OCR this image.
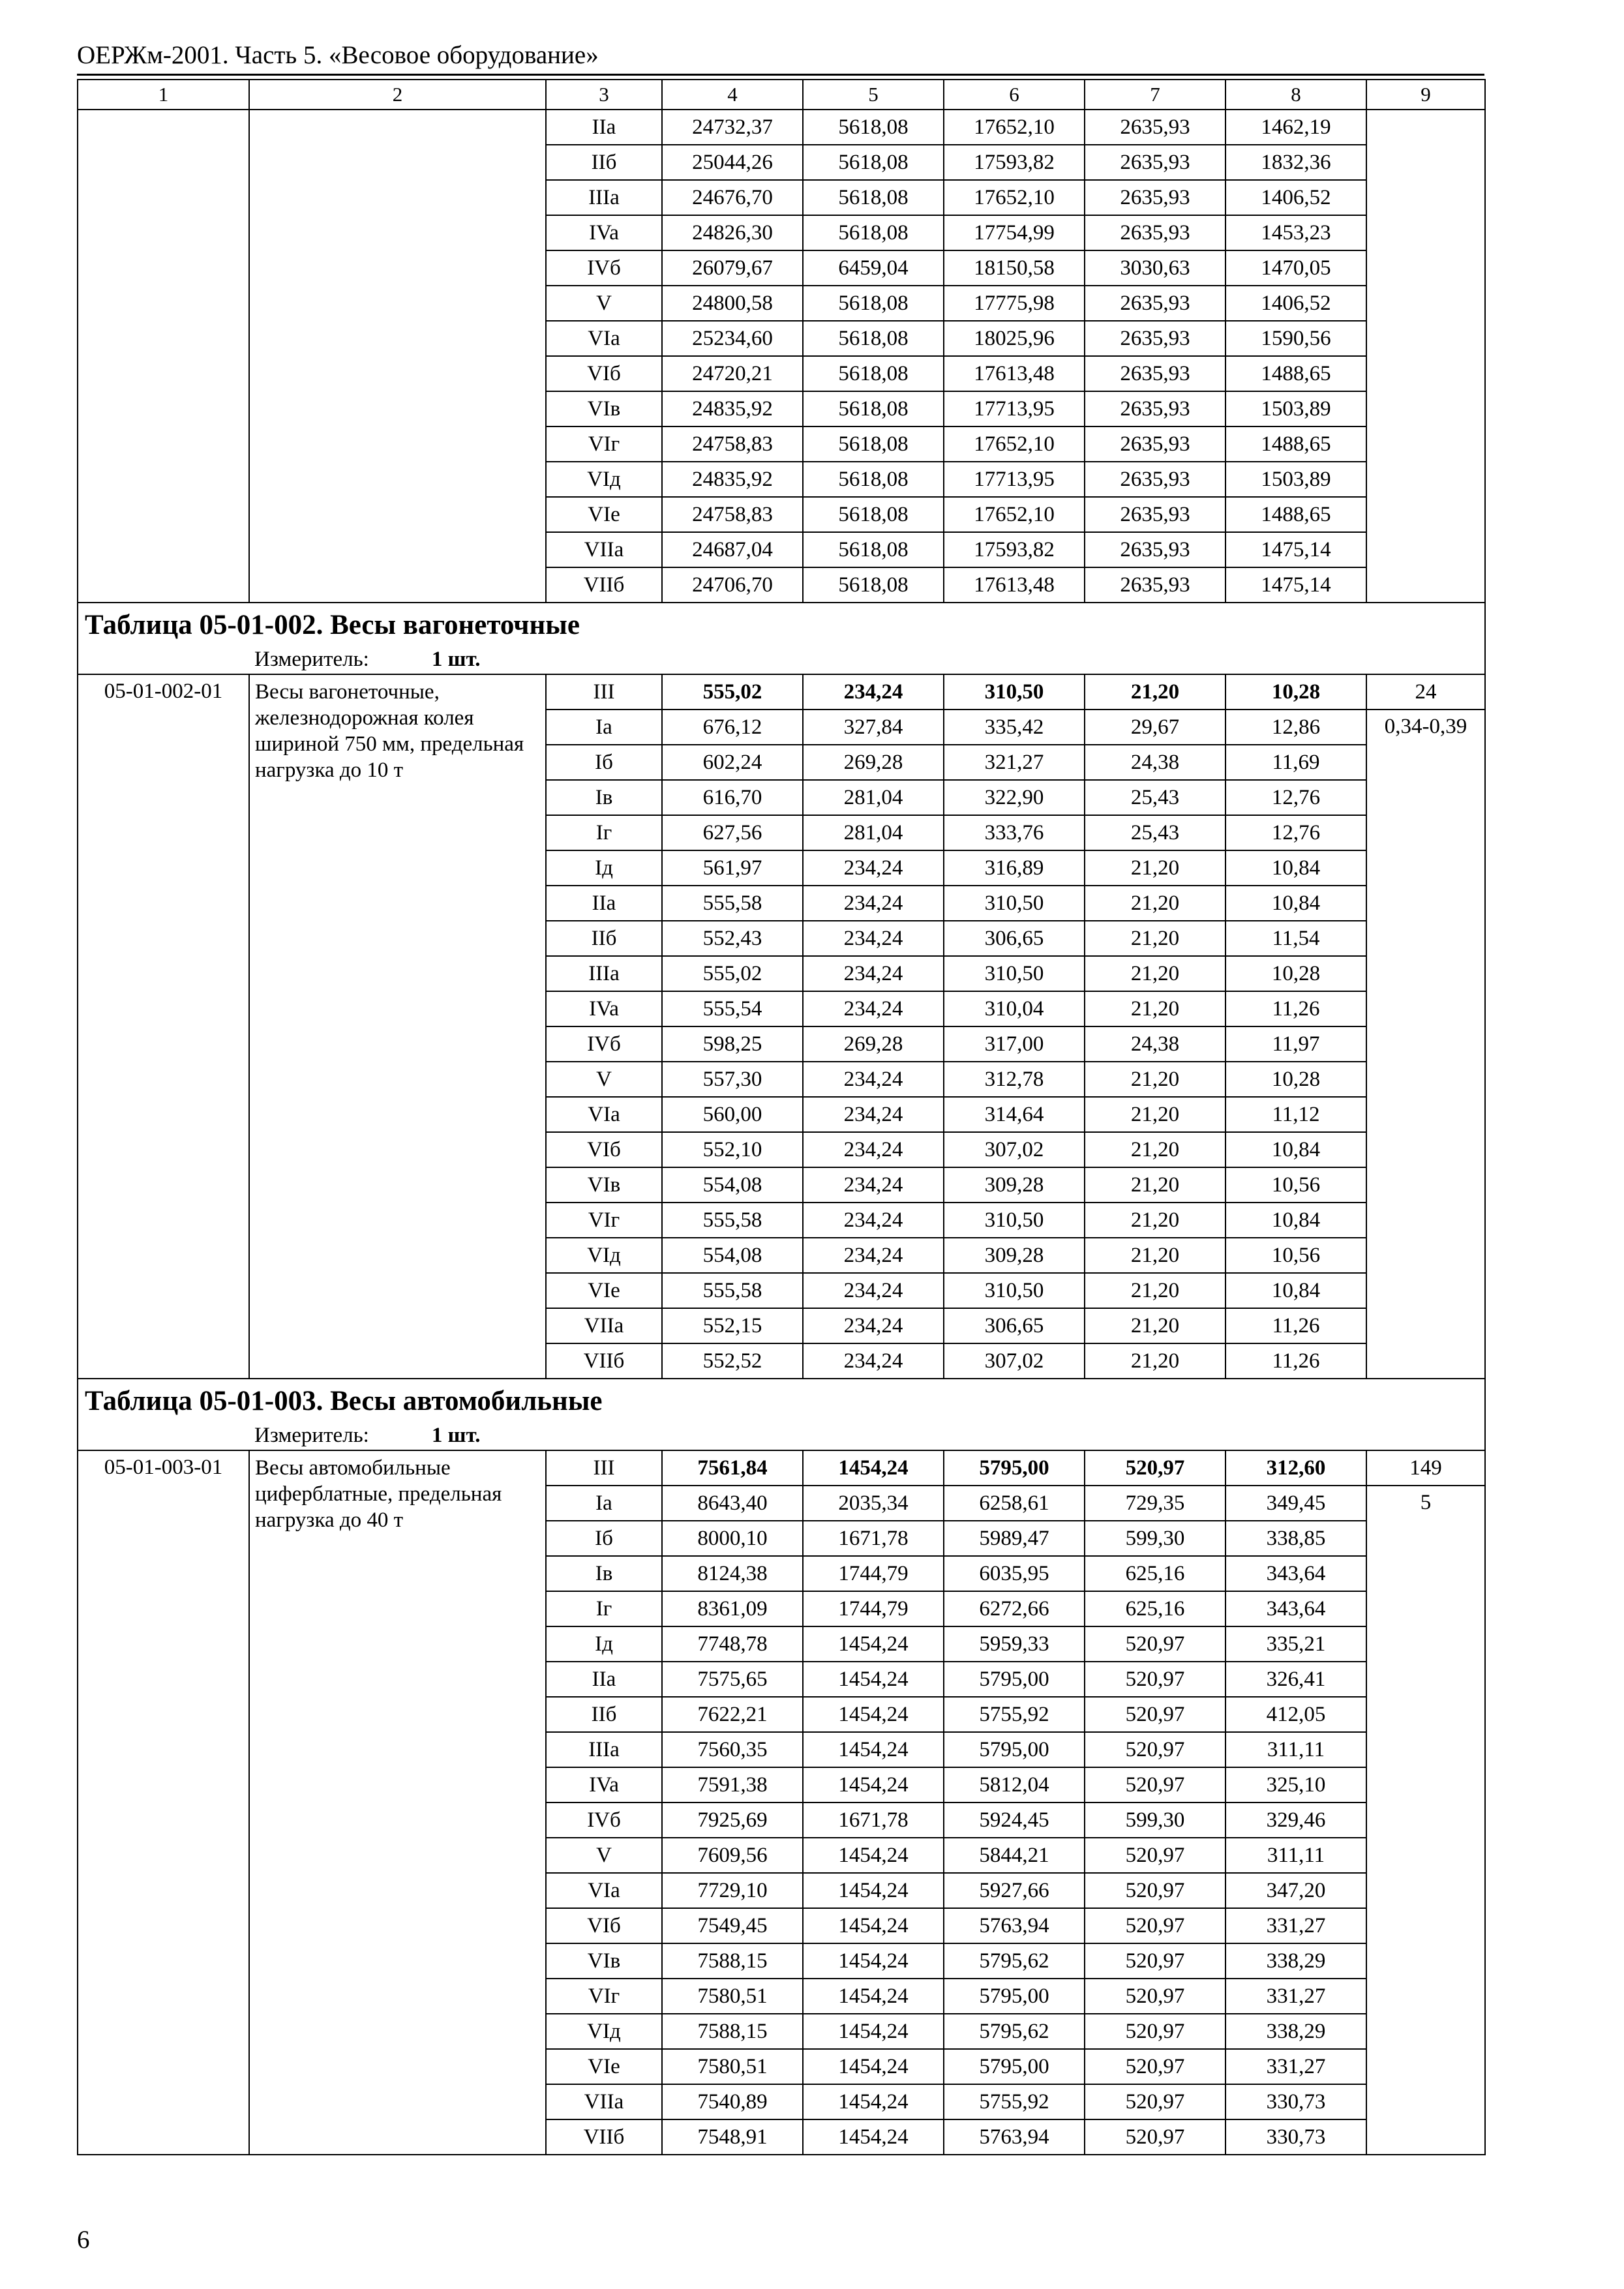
ОЕРЖм-2001. Часть 5. «Весовое оборудование»
1	2	3	4	5	6	7	8	9
		IIa	24732,37	5618,08	17652,10	2635,93	1462,19	
		IIб	25044,26	5618,08	17593,82	2635,93	1832,36	
		IIIa	24676,70	5618,08	17652,10	2635,93	1406,52	
		IVa	24826,30	5618,08	17754,99	2635,93	1453,23	
		IVб	26079,67	6459,04	18150,58	3030,63	1470,05	
		V	24800,58	5618,08	17775,98	2635,93	1406,52	
		VIa	25234,60	5618,08	18025,96	2635,93	1590,56	
		VIб	24720,21	5618,08	17613,48	2635,93	1488,65	
		VIв	24835,92	5618,08	17713,95	2635,93	1503,89	
		VIг	24758,83	5618,08	17652,10	2635,93	1488,65	
		VIд	24835,92	5618,08	17713,95	2635,93	1503,89	
		VIe	24758,83	5618,08	17652,10	2635,93	1488,65	
		VIIa	24687,04	5618,08	17593,82	2635,93	1475,14	
		VIIб	24706,70	5618,08	17613,48	2635,93	1475,14	
Таблица 05-01-002. Весы вагонеточные								
Измеритель: 1 шт.								
05-01-002-01	Весы вагонеточные, железнодорожная колея шириной 750 мм, предельная нагрузка до 10 т	III	555,02	234,24	310,50	21,20	10,28	24
		Ia	676,12	327,84	335,42	29,67	12,86	0,34-0,39
		Iб	602,24	269,28	321,27	24,38	11,69	
		Iв	616,70	281,04	322,90	25,43	12,76	
		Iг	627,56	281,04	333,76	25,43	12,76	
		Iд	561,97	234,24	316,89	21,20	10,84	
		IIa	555,58	234,24	310,50	21,20	10,84	
		IIб	552,43	234,24	306,65	21,20	11,54	
		IIIa	555,02	234,24	310,50	21,20	10,28	
		IVa	555,54	234,24	310,04	21,20	11,26	
		IVб	598,25	269,28	317,00	24,38	11,97	
		V	557,30	234,24	312,78	21,20	10,28	
		VIa	560,00	234,24	314,64	21,20	11,12	
		VIб	552,10	234,24	307,02	21,20	10,84	
		VIв	554,08	234,24	309,28	21,20	10,56	
		VIг	555,58	234,24	310,50	21,20	10,84	
		VIд	554,08	234,24	309,28	21,20	10,56	
		VIe	555,58	234,24	310,50	21,20	10,84	
		VIIa	552,15	234,24	306,65	21,20	11,26	
		VIIб	552,52	234,24	307,02	21,20	11,26	
Таблица 05-01-003. Весы автомобильные								
Измеритель: 1 шт.								
05-01-003-01	Весы автомобильные циферблатные, предельная нагрузка до 40 т	III	7561,84	1454,24	5795,00	520,97	312,60	149
		Ia	8643,40	2035,34	6258,61	729,35	349,45	5
		Iб	8000,10	1671,78	5989,47	599,30	338,85	
		Iв	8124,38	1744,79	6035,95	625,16	343,64	
		Iг	8361,09	1744,79	6272,66	625,16	343,64	
		Iд	7748,78	1454,24	5959,33	520,97	335,21	
		IIa	7575,65	1454,24	5795,00	520,97	326,41	
		IIб	7622,21	1454,24	5755,92	520,97	412,05	
		IIIa	7560,35	1454,24	5795,00	520,97	311,11	
		IVa	7591,38	1454,24	5812,04	520,97	325,10	
		IVб	7925,69	1671,78	5924,45	599,30	329,46	
		V	7609,56	1454,24	5844,21	520,97	311,11	
		VIa	7729,10	1454,24	5927,66	520,97	347,20	
		VIб	7549,45	1454,24	5763,94	520,97	331,27	
		VIв	7588,15	1454,24	5795,62	520,97	338,29	
		VIг	7580,51	1454,24	5795,00	520,97	331,27	
		VIд	7588,15	1454,24	5795,62	520,97	338,29	
		VIe	7580,51	1454,24	5795,00	520,97	331,27	
		VIIa	7540,89	1454,24	5755,92	520,97	330,73	
		VIIб	7548,91	1454,24	5763,94	520,97	330,73	
6
